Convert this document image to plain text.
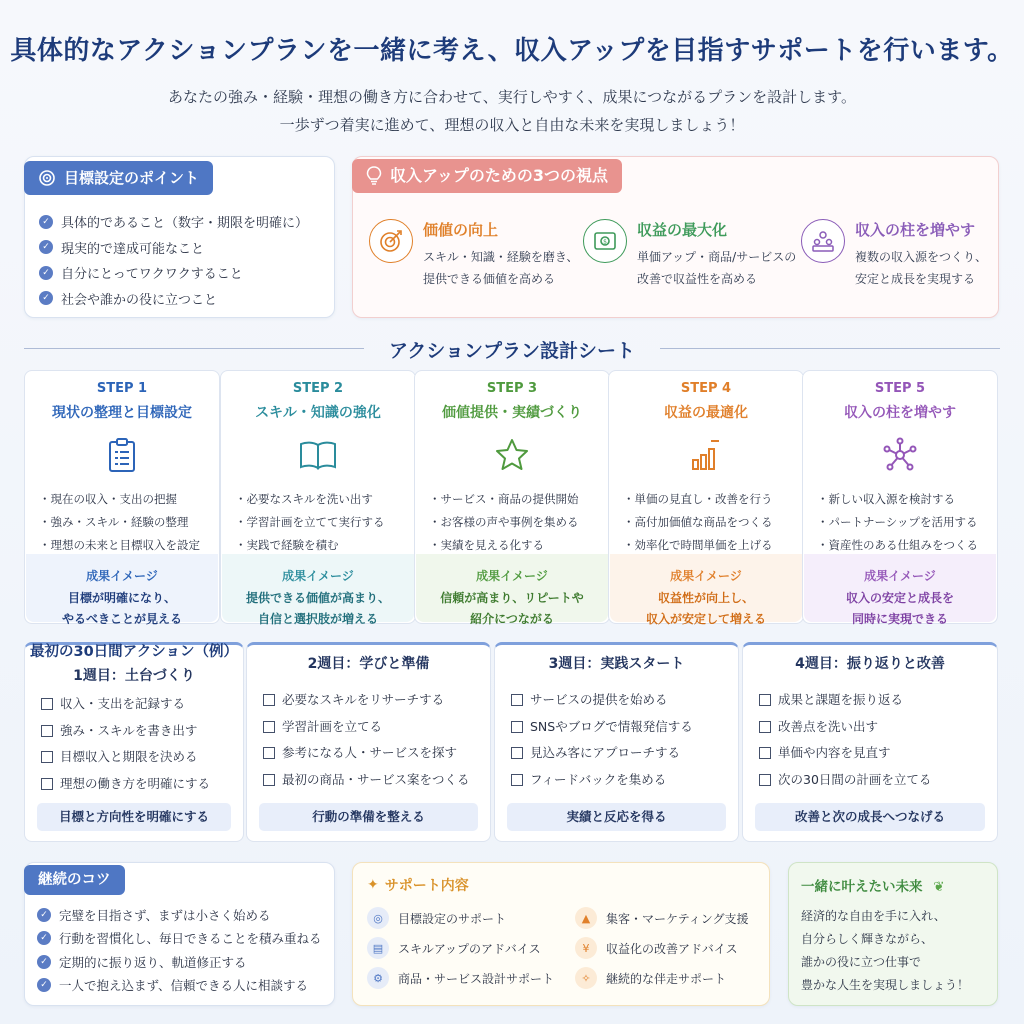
具体的なアクションプランを一緒に考え、収入アップを目指すサポートを行います。
あなたの強み・経験・理想の働き方に合わせて、実行しやすく、成果につながるプランを設計します。
一歩ずつ着実に進めて、理想の収入と自由な未来を実現しましょう！
目標設定のポイント
✓ 具体的であること（数字・期限を明確に）
✓ 現実的で達成可能なこと
✓ 自分にとってワクワクすること
✓ 社会や誰かの役に立つこと
収入アップのための3つの視点
価値の向上
スキル・知識・経験を磨き、
提供できる価値を高める
$
収益の最大化
単価アップ・商品/サービスの
改善で収益性を高める
収入の柱を増やす
複数の収入源をつくり、
安定と成長を実現する
アクションプラン設計シート
STEP 1
現状の整理と目標設定
・ 現在の収入・支出の把握
・ 強み・スキル・経験の整理
・ 理想の未来と目標収入を設定
成果イメージ
目標が明確になり、
やるべきことが見える
STEP 2
スキル・知識の強化
・ 必要なスキルを洗い出す
・ 学習計画を立てて実行する
・ 実践で経験を積む
成果イメージ
提供できる価値が高まり、
自信と選択肢が増える
STEP 3
価値提供・実績づくり
・ サービス・商品の提供開始
・ お客様の声や事例を集める
・ 実績を見える化する
成果イメージ
信頼が高まり、リピートや
紹介につながる
STEP 4
収益の最適化
・ 単価の見直し・改善を行う
・ 高付加価値な商品をつくる
・ 効率化で時間単価を上げる
成果イメージ
収益性が向上し、
収入が安定して増える
STEP 5
収入の柱を増やす
・ 新しい収入源を検討する
・ パートナーシップを活用する
・ 資産性のある仕組みをつくる
成果イメージ
収入の安定と成長を
同時に実現できる
最初の30日間アクション（例）
1週目：土台づくり
収入・支出を記録する
強み・スキルを書き出す
目標収入と期限を決める
理想の働き方を明確にする
目標と方向性を明確にする
2週目：学びと準備
必要なスキルをリサーチする
学習計画を立てる
参考になる人・サービスを探す
最初の商品・サービス案をつくる
行動の準備を整える
3週目：実践スタート
サービスの提供を始める
SNSやブログで情報発信する
見込み客にアプローチする
フィードバックを集める
実績と反応を得る
4週目：振り返りと改善
成果と課題を振り返る
改善点を洗い出す
単価や内容を見直す
次の30日間の計画を立てる
改善と次の成長へつなげる
継続のコツ
✓ 完璧を目指さず、まずは小さく始める
✓ 行動を習慣化し、毎日できることを積み重ねる
✓ 定期的に振り返り、軌道修正する
✓ 一人で抱え込まず、信頼できる人に相談する
✦ サポート内容
◎	目標設定のサポート
▤	スキルアップのアドバイス
⚙	商品・サービス設計サポート
▲	集客・マーケティング支援
¥	収益化の改善アドバイス
✧	継続的な伴走サポート
一緒に叶えたい未来 ❦
経済的な自由を手に入れ、
自分らしく輝きながら、
誰かの役に立つ仕事で
豊かな人生を実現しましょう！
